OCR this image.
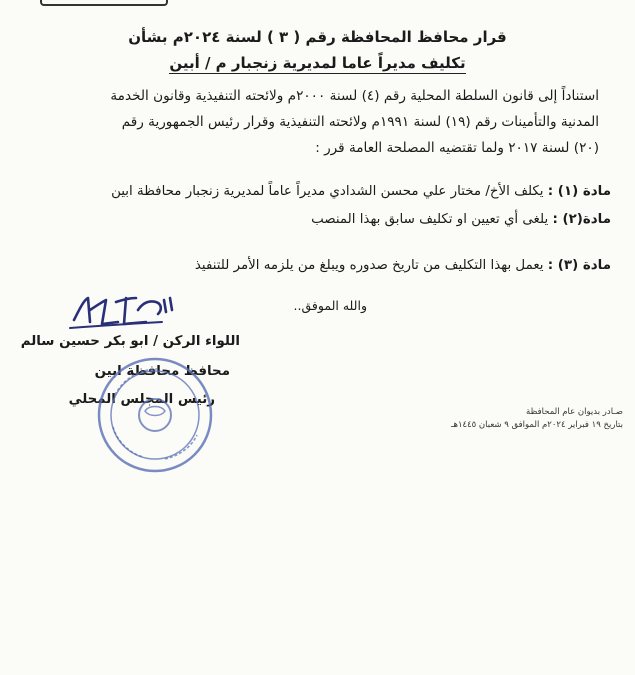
قرار محافظ المحافظة رقم ( ٣ ) لسنة ٢٠٢٤م بشأن
تكليف مديراً عاما لمديرية زنجبار م / أبين
استناداً إلى قانون السلطة المحلية رقم (٤) لسنة ٢٠٠٠م ولائحته التنفيذية وقانون الخدمة
المدنية والتأمينات رقم (١٩) لسنة ١٩٩١م ولائحته التنفيذية وقرار رئيس الجمهورية رقم
(٢٠) لسنة ٢٠١٧ ولما تقتضيه المصلحة العامة قرر :
مادة (١) : يكلف الأخ/ مختار علي محسن الشدادي مديراً عاماً لمديرية زنجبار محافظة ابين
مادة(٢) : يلغى أي تعيين او تكليف سابق بهذا المنصب
مادة (٣) : يعمل بهذا التكليف من تاريخ صدوره ويبلغ من يلزمه الأمر للتنفيذ
والله الموفق..
اللواء الركن / ابو بكر حسين سالم
محافظ محافظة ابين
رئيس المجلس المحلي
صـادر بديوان عام المحافظة
بتاريخ ١٩ فبراير ٢٠٢٤م الموافق ٩ شعبان ١٤٤٥هـ
